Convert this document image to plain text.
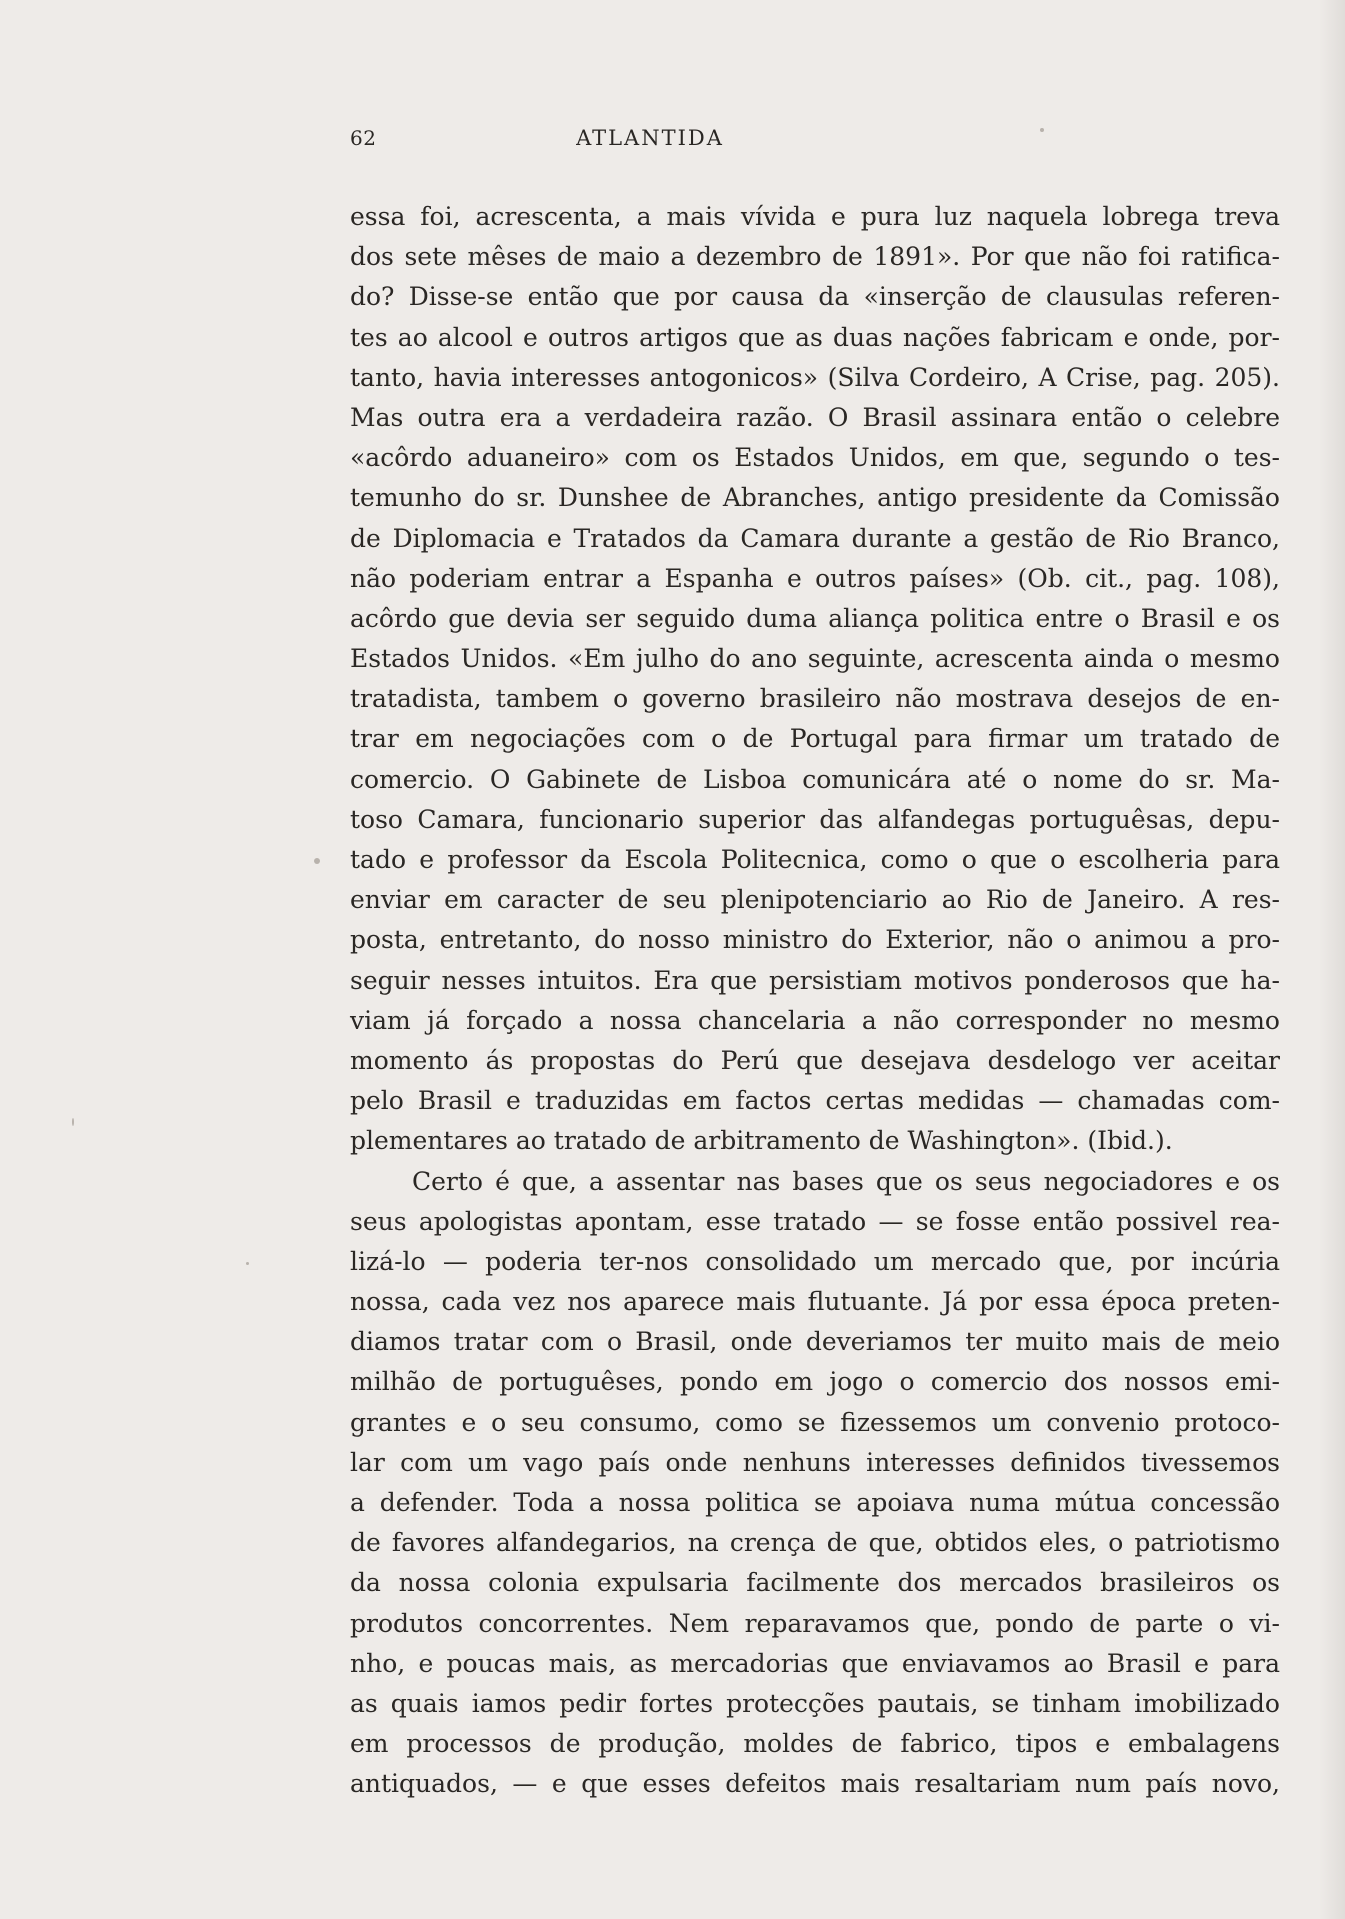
62	ATLANTIDA
essa foi, acrescenta, a mais vívida e pura luz naquela lobrega treva
dos sete mêses de maio a dezembro de 1891». Por que não foi ratifica-
do? Disse-se então que por causa da «inserção de clausulas referen-
tes ao alcool e outros artigos que as duas nações fabricam e onde, por-
tanto, havia interesses antogonicos» (Silva Cordeiro, A Crise, pag. 205).
Mas outra era a verdadeira razão. O Brasil assinara então o celebre
«acôrdo aduaneiro» com os Estados Unidos, em que, segundo o tes-
temunho do sr. Dunshee de Abranches, antigo presidente da Comissão
de Diplomacia e Tratados da Camara durante a gestão de Rio Branco,
não poderiam entrar a Espanha e outros países» (Ob. cit., pag. 108),
acôrdo gue devia ser seguido duma aliança politica entre o Brasil e os
Estados Unidos. «Em julho do ano seguinte, acrescenta ainda o mesmo
tratadista, tambem o governo brasileiro não mostrava desejos de en-
trar em negociações com o de Portugal para firmar um tratado de
comercio. O Gabinete de Lisboa comunicára até o nome do sr. Ma-
toso Camara, funcionario superior das alfandegas portuguêsas, depu-
tado e professor da Escola Politecnica, como o que o escolheria para
enviar em caracter de seu plenipotenciario ao Rio de Janeiro. A res-
posta, entretanto, do nosso ministro do Exterior, não o animou a pro-
seguir nesses intuitos. Era que persistiam motivos ponderosos que ha-
viam já forçado a nossa chancelaria a não corresponder no mesmo
momento ás propostas do Perú que desejava desdelogo ver aceitar
pelo Brasil e traduzidas em factos certas medidas — chamadas com-
plementares ao tratado de arbitramento de Washington». (Ibid.).
Certo é que, a assentar nas bases que os seus negociadores e os
seus apologistas apontam, esse tratado — se fosse então possivel rea-
lizá-lo — poderia ter-nos consolidado um mercado que, por incúria
nossa, cada vez nos aparece mais flutuante. Já por essa época preten-
diamos tratar com o Brasil, onde deveriamos ter muito mais de meio
milhão de portuguêses, pondo em jogo o comercio dos nossos emi-
grantes e o seu consumo, como se fizessemos um convenio protoco-
lar com um vago país onde nenhuns interesses definidos tivessemos
a defender. Toda a nossa politica se apoiava numa mútua concessão
de favores alfandegarios, na crença de que, obtidos eles, o patriotismo
da nossa colonia expulsaria facilmente dos mercados brasileiros os
produtos concorrentes. Nem reparavamos que, pondo de parte o vi-
nho, e poucas mais, as mercadorias que enviavamos ao Brasil e para
as quais iamos pedir fortes protecções pautais, se tinham imobilizado
em processos de produção, moldes de fabrico, tipos e embalagens
antiquados, — e que esses defeitos mais resaltariam num país novo,
